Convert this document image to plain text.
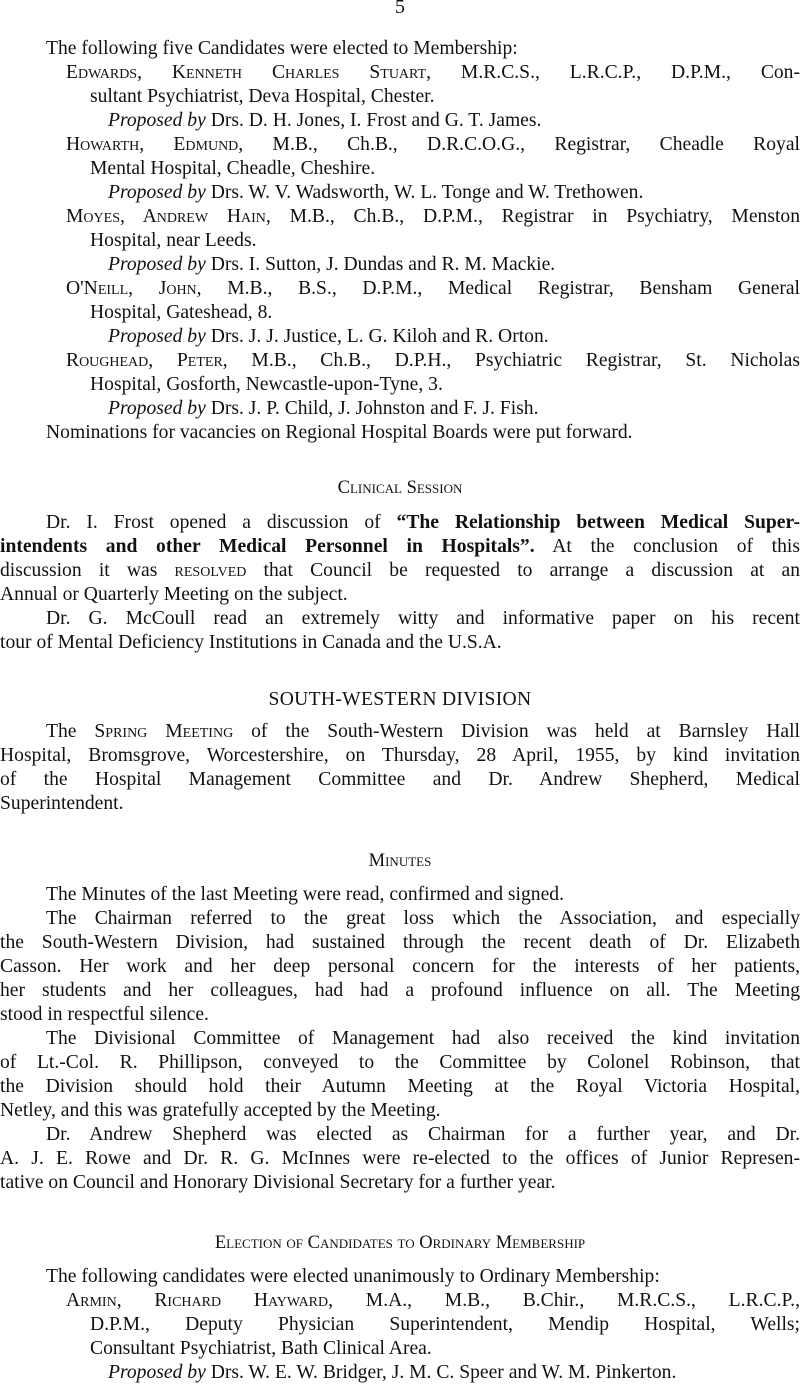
5
The following five Candidates were elected to Membership:
Edwards, Kenneth Charles Stuart, M.R.C.S., L.R.C.P., D.P.M., Con-
sultant Psychiatrist, Deva Hospital, Chester.
Proposed by Drs. D. H. Jones, I. Frost and G. T. James.
Howarth, Edmund, M.B., Ch.B., D.R.C.O.G., Registrar, Cheadle Royal
Mental Hospital, Cheadle, Cheshire.
Proposed by Drs. W. V. Wadsworth, W. L. Tonge and W. Trethowen.
Moyes, Andrew Hain, M.B., Ch.B., D.P.M., Registrar in Psychiatry, Menston
Hospital, near Leeds.
Proposed by Drs. I. Sutton, J. Dundas and R. M. Mackie.
O'Neill, John, M.B., B.S., D.P.M., Medical Registrar, Bensham General
Hospital, Gateshead, 8.
Proposed by Drs. J. J. Justice, L. G. Kiloh and R. Orton.
Roughead, Peter, M.B., Ch.B., D.P.H., Psychiatric Registrar, St. Nicholas
Hospital, Gosforth, Newcastle-upon-Tyne, 3.
Proposed by Drs. J. P. Child, J. Johnston and F. J. Fish.
Nominations for vacancies on Regional Hospital Boards were put forward.
Clinical Session
Dr. I. Frost opened a discussion of “The Relationship between Medical Super-
intendents and other Medical Personnel in Hospitals”. At the conclusion of this
discussion it was resolved that Council be requested to arrange a discussion at an
Annual or Quarterly Meeting on the subject.
Dr. G. McCoull read an extremely witty and informative paper on his recent
tour of Mental Deficiency Institutions in Canada and the U.S.A.
SOUTH-WESTERN DIVISION
The Spring Meeting of the South-Western Division was held at Barnsley Hall
Hospital, Bromsgrove, Worcestershire, on Thursday, 28 April, 1955, by kind invitation
of the Hospital Management Committee and Dr. Andrew Shepherd, Medical
Superintendent.
Minutes
The Minutes of the last Meeting were read, confirmed and signed.
The Chairman referred to the great loss which the Association, and especially
the South-Western Division, had sustained through the recent death of Dr. Elizabeth
Casson. Her work and her deep personal concern for the interests of her patients,
her students and her colleagues, had had a profound influence on all. The Meeting
stood in respectful silence.
The Divisional Committee of Management had also received the kind invitation
of Lt.-Col. R. Phillipson, conveyed to the Committee by Colonel Robinson, that
the Division should hold their Autumn Meeting at the Royal Victoria Hospital,
Netley, and this was gratefully accepted by the Meeting.
Dr. Andrew Shepherd was elected as Chairman for a further year, and Dr.
A. J. E. Rowe and Dr. R. G. McInnes were re-elected to the offices of Junior Represen-
tative on Council and Honorary Divisional Secretary for a further year.
Election of Candidates to Ordinary Membership
The following candidates were elected unanimously to Ordinary Membership:
Armin, Richard Hayward, M.A., M.B., B.Chir., M.R.C.S., L.R.C.P.,
D.P.M., Deputy Physician Superintendent, Mendip Hospital, Wells;
Consultant Psychiatrist, Bath Clinical Area.
Proposed by Drs. W. E. W. Bridger, J. M. C. Speer and W. M. Pinkerton.
